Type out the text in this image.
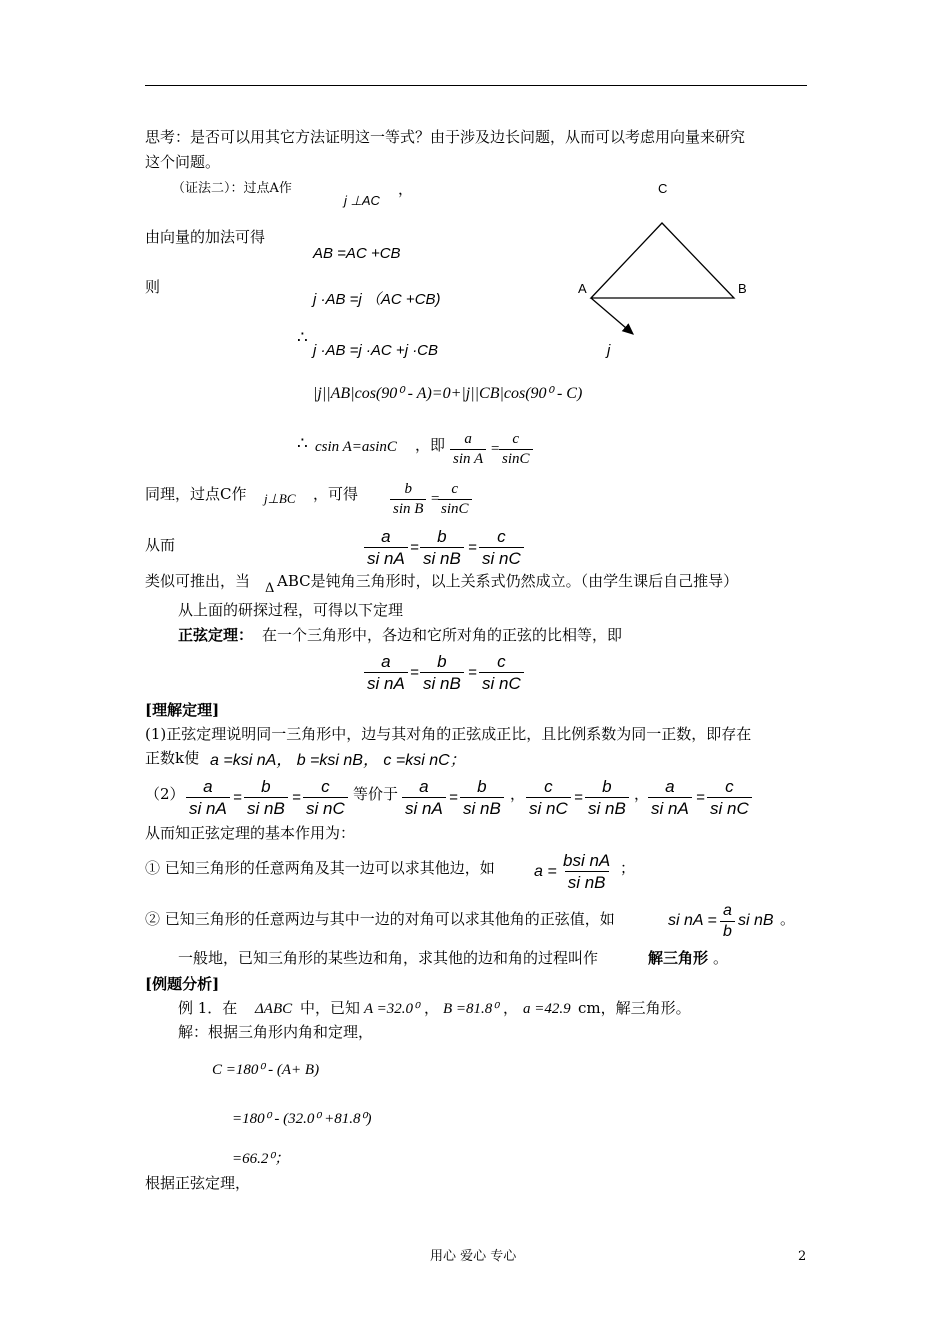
思考：是否可以用其它方法证明这一等式？由于涉及边长问题，从而可以考虑用向量来研究
这个问题。
（证法二）：过点A作
j ⊥AC
，
由向量的加法可得
AB =AC +CB
则
j ·AB =j （AC +CB)
∴
j ·AB =j ·AC +j ·CB
|j||AB|cos(90⁰ - A)=0+|j||CB|cos(90⁰ - C)
∴ csin A=asinC ，即 $\frac{a}{\text{sin A}}$ =
$\frac{c}{\sin C}$
同理，过点C作 j⊥BC ，可得 $\frac{b}{\text{sin B}}$ =
$\frac{c}{\sin C}$
从而	$\frac{a}{\text{si nA}} = \frac{b}{\text{si nB}} = \frac{c}{\text{si nC}}$
类似可推出，当 Δ ABC是钝角三角形时，以上关系式仍然成立。（由学生课后自己推导）
从上面的研探过程，可得以下定理
正弦定理： 在一个三角形中，各边和它所对角的正弦的比相等，即
$\frac{a}{\text{si nA}} = \frac{b}{\text{si nB}} = \frac{c}{\text{si nC}}$
[理解定理]
(1)正弦定理说明同一三角形中，边与其对角的正弦成正比，且比例系数为同一正数，即存在
正数k使 a =ksi nA， b =ksi nB， c =ksi nC；
$(2) \frac{a}{\text{si nA}} = \frac{b}{\text{si nB}} = \frac{c}{\text{si nC}}$ 等价于 $\frac{a}{\text{si nA}} = \frac{b}{\text{si nB}}$ ， $\frac{c}{\text{si nC}} = \frac{b}{\text{si nB}}$ ，
$\frac{a}{\text{si nA}} = \frac{c}{\text{si nC}}$
从而知正弦定理的基本作用为：
① 已知三角形的任意两角及其一边可以求其他边，如 a =
bsi nA
si nB
；
② 已知三角形的任意两边与其中一边的对角可以求其他角的正弦值，如	si nA = $\frac{a}{b}$ si nB 。
一般地，已知三角形的某些边和角，求其他的边和角的过程叫作	解三角形 。
[例题分析]
例 1．在 ΔABC 中，已知 A =32.0⁰ ， B =81.8⁰ ， a =42.9 cm，解三角形。
解：根据三角形内角和定理，
C =180⁰ - (A+ B)
=180⁰ - (32.0⁰ +81.8⁰)
=66.2⁰；
根据正弦定理，
C
A	B
j
用心 爱心 专心	2
